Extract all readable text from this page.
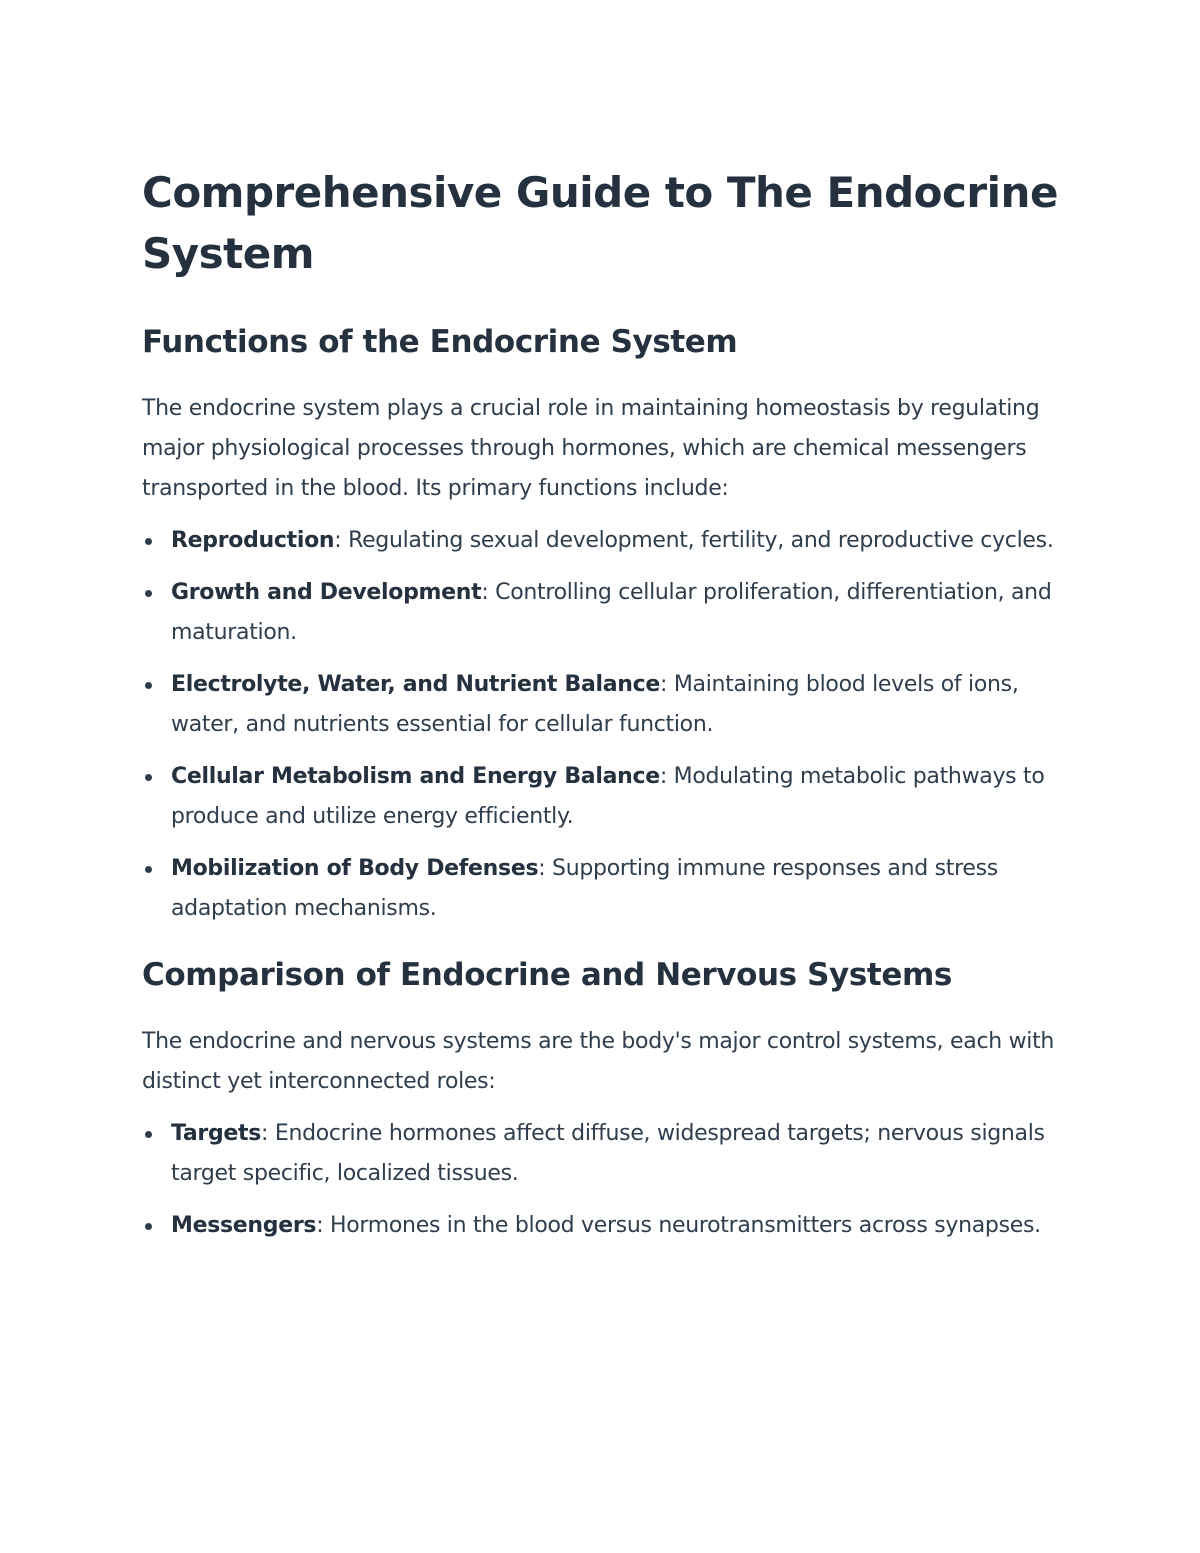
Comprehensive Guide to The Endocrine System
Functions of the Endocrine System

The endocrine system plays a crucial role in maintaining homeostasis by regulating major physiological processes through hormones, which are chemical messengers transported in the blood. Its primary functions include:

Reproduction: Regulating sexual development, fertility, and reproductive cycles.
Growth and Development: Controlling cellular proliferation, differentiation, and maturation.
Electrolyte, Water, and Nutrient Balance: Maintaining blood levels of ions, water, and nutrients essential for cellular function.
Cellular Metabolism and Energy Balance: Modulating metabolic pathways to produce and utilize energy efficiently.
Mobilization of Body Defenses: Supporting immune responses and stress adaptation mechanisms.
Comparison of Endocrine and Nervous Systems

The endocrine and nervous systems are the body's major control systems, each with distinct yet interconnected roles:

Targets: Endocrine hormones affect diffuse, widespread targets; nervous signals target specific, localized tissues.
Messengers: Hormones in the blood versus neurotransmitters across synapses.
